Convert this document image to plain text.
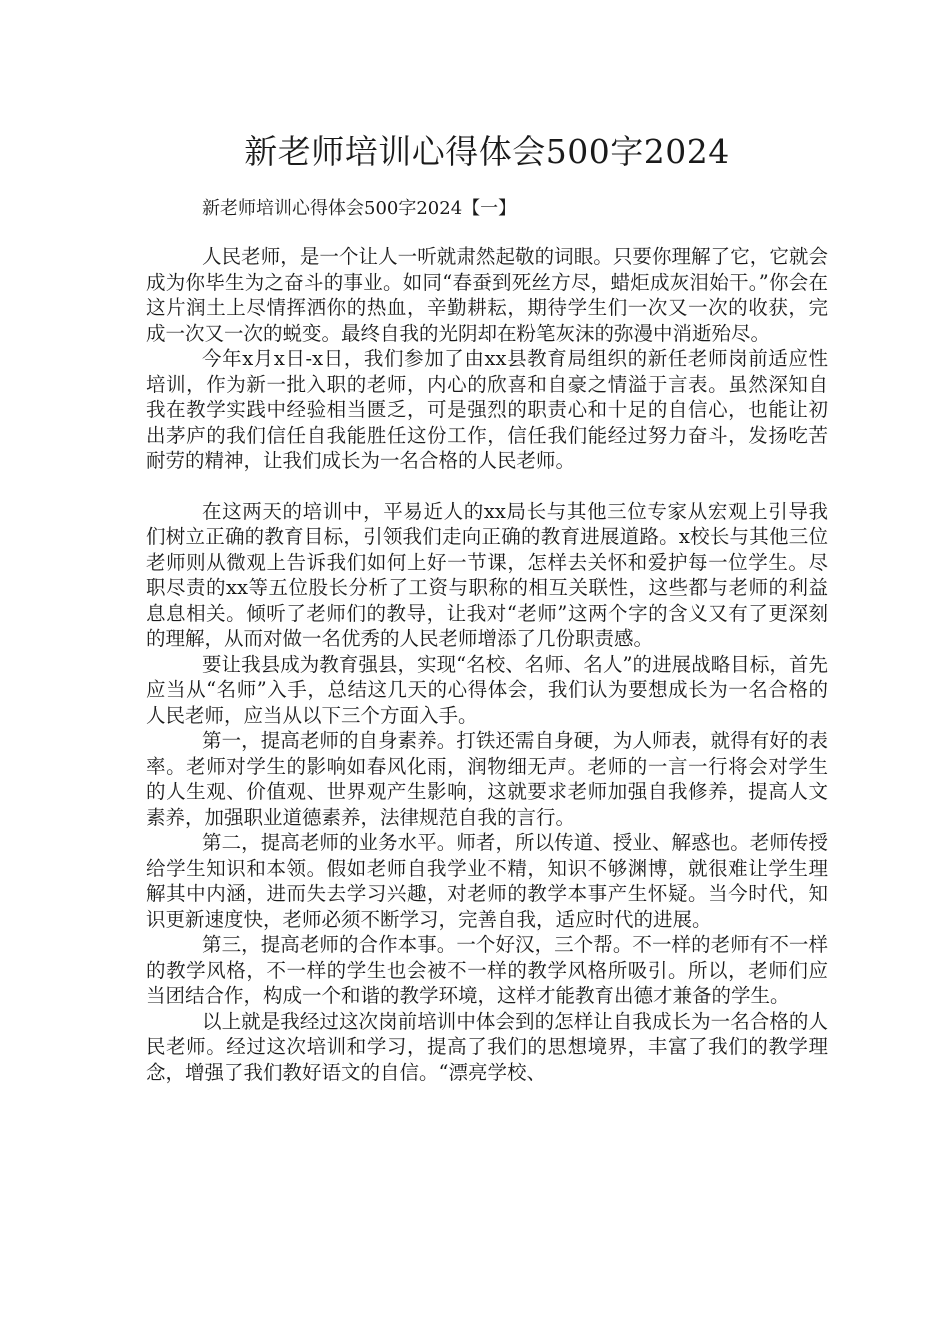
新老师培训心得体会500字2024
新老师培训心得体会500字2024【一】

人民老师，是一个让人一听就肃然起敬的词眼。只要你理解了它，它就会成为你毕生为之奋斗的事业。如同“春蚕到死丝方尽，蜡炬成灰泪始干。”你会在这片润土上尽情挥洒你的热血，辛勤耕耘，期待学生们一次又一次的收获，完成一次又一次的蜕变。最终自我的光阴却在粉笔灰沫的弥漫中消逝殆尽。

今年x月x日-x日，我们参加了由xx县教育局组织的新任老师岗前适应性培训，作为新一批入职的老师，内心的欣喜和自豪之情溢于言表。虽然深知自我在教学实践中经验相当匮乏，可是强烈的职责心和十足的自信心，也能让初出茅庐的我们信任自我能胜任这份工作，信任我们能经过努力奋斗，发扬吃苦耐劳的精神，让我们成长为一名合格的人民老师。

在这两天的培训中，平易近人的xx局长与其他三位专家从宏观上引导我们树立正确的教育目标，引领我们走向正确的教育进展道路。x校长与其他三位老师则从微观上告诉我们如何上好一节课，怎样去关怀和爱护每一位学生。尽职尽责的xx等五位股长分析了工资与职称的相互关联性，这些都与老师的利益息息相关。倾听了老师们的教导，让我对“老师”这两个字的含义又有了更深刻的理解，从而对做一名优秀的人民老师增添了几份职责感。

要让我县成为教育强县，实现“名校、名师、名人”的进展战略目标，首先应当从“名师”入手，总结这几天的心得体会，我们认为要想成长为一名合格的人民老师，应当从以下三个方面入手。

第一，提高老师的自身素养。打铁还需自身硬，为人师表，就得有好的表率。老师对学生的影响如春风化雨，润物细无声。老师的一言一行将会对学生的人生观、价值观、世界观产生影响，这就要求老师加强自我修养，提高人文素养，加强职业道德素养，法律规范自我的言行。

第二，提高老师的业务水平。师者，所以传道、授业、解惑也。老师传授给学生知识和本领。假如老师自我学业不精，知识不够渊博，就很难让学生理解其中内涵，进而失去学习兴趣，对老师的教学本事产生怀疑。当今时代，知识更新速度快，老师必须不断学习，完善自我，适应时代的进展。

第三，提高老师的合作本事。一个好汉，三个帮。不一样的老师有不一样的教学风格，不一样的学生也会被不一样的教学风格所吸引。所以，老师们应当团结合作，构成一个和谐的教学环境，这样才能教育出德才兼备的学生。

以上就是我经过这次岗前培训中体会到的怎样让自我成长为一名合格的人民老师。经过这次培训和学习，提高了我们的思想境界，丰富了我们的教学理念，增强了我们教好语文的自信。“漂亮学校、
